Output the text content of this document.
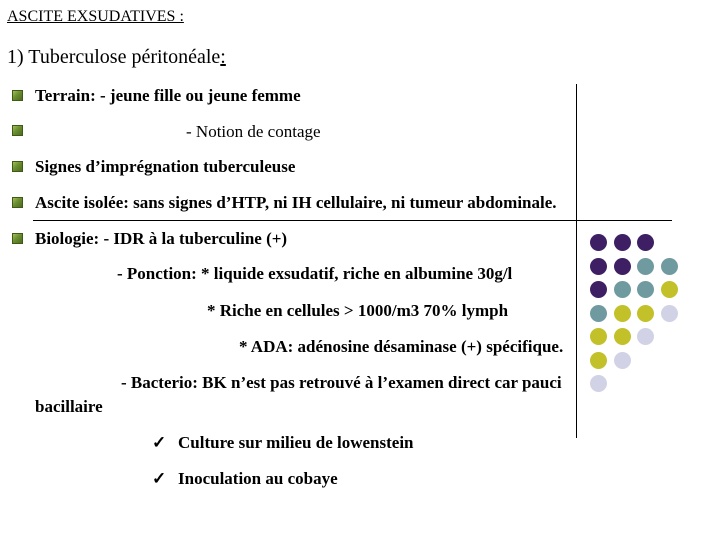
ASCITE EXSUDATIVES :
1) Tuberculose péritonéale:
Terrain: - jeune fille ou jeune femme
- Notion de contage
Signes d’imprégnation tuberculeuse
Ascite isolée: sans signes d’HTP, ni IH cellulaire, ni tumeur abdominale.
Biologie: - IDR à la tuberculine (+)
- Ponction: * liquide exsudatif, riche en albumine 30g/l
* Riche en cellules > 1000/m3 70% lymph
* ADA: adénosine désaminase (+) spécifique.
- Bacterio: BK n’est pas retrouvé à l’examen direct car pauci
bacillaire
✓ Culture sur milieu de lowenstein
✓ Inoculation au cobaye
